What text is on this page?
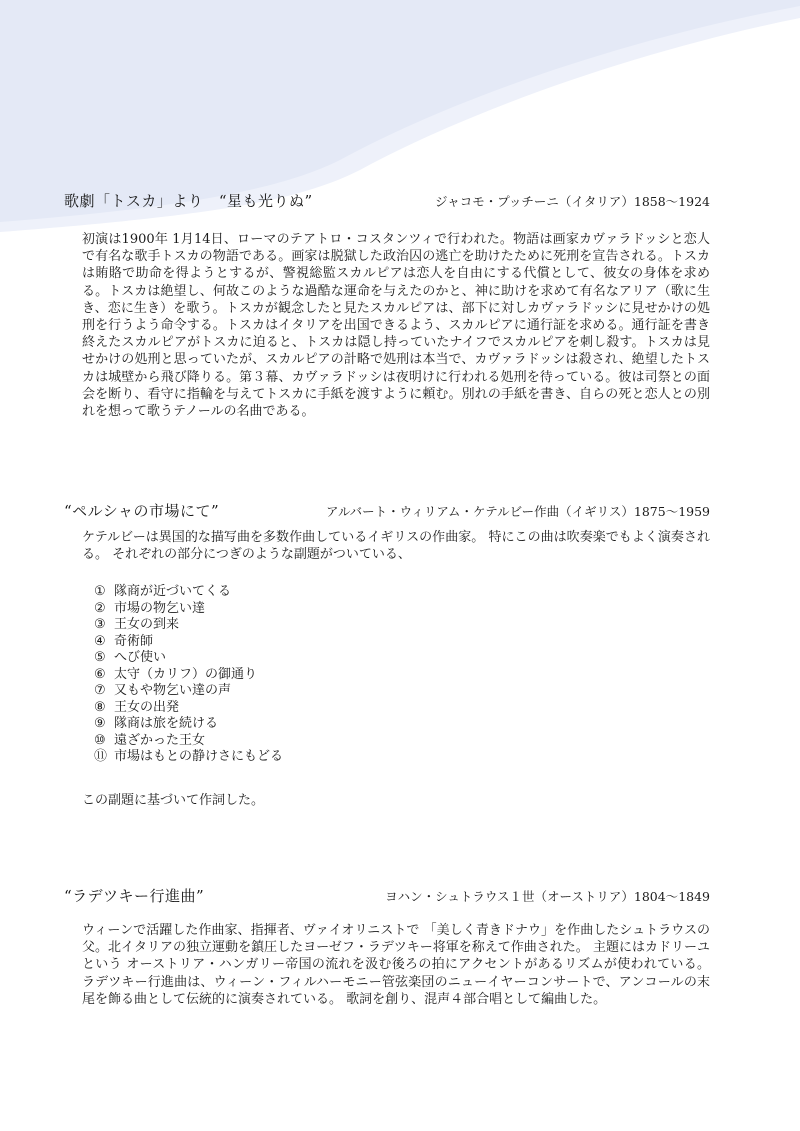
歌劇「トスカ」より　“星も光りぬ”	ジャコモ・プッチーニ（イタリア）1858～1924

初演は1900年 1月14日、ローマのテアトロ・コスタンツィで行われた。物語は画家カヴァラドッシと恋人で有名な歌手トスカの物語である。画家は脱獄した政治囚の逃亡を助けたために死刑を宣告される。トスカは賄賂で助命を得ようとするが、警視総監スカルピアは恋人を自由にする代償として、彼女の身体を求める。トスカは絶望し、何故このような過酷な運命を与えたのかと、神に助けを求めて有名なアリア（歌に生き、恋に生き）を歌う。トスカが観念したと見たスカルピアは、部下に対しカヴァラドッシに見せかけの処刑を行うよう命令する。トスカはイタリアを出国できるよう、スカルピアに通行証を求める。通行証を書き終えたスカルピアがトスカに迫ると、トスカは隠し持っていたナイフでスカルピアを刺し殺す。トスカは見せかけの処刑と思っていたが、スカルピアの計略で処刑は本当で、カヴァラドッシは殺され、絶望したトスカは城壁から飛び降りる。第３幕、カヴァラドッシは夜明けに行われる処刑を待っている。彼は司祭との面会を断り、看守に指輪を与えてトスカに手紙を渡すように頼む。別れの手紙を書き、自らの死と恋人との別れを想って歌うテノールの名曲である。

“ペルシャの市場にて”	アルバート・ウィリアム・ケテルビー作曲（イギリス）1875～1959

ケテルビーは異国的な描写曲を多数作曲しているイギリスの作曲家。 特にこの曲は吹奏楽でもよく演奏される。 それぞれの部分につぎのような副題がついている、

① 隊商が近づいてくる
② 市場の物乞い達
③ 王女の到来
④ 奇術師
⑤ へび使い
⑥ 太守（カリフ）の御通り
⑦ 又もや物乞い達の声
⑧ 王女の出発
⑨ 隊商は旅を続ける
⑩ 遠ざかった王女
⑪ 市場はもとの静けさにもどる

この副題に基づいて作詞した。

“ラデツキー行進曲”	ヨハン・シュトラウス１世（オーストリア）1804～1849

ウィーンで活躍した作曲家、指揮者、ヴァイオリニストで 「美しく青きドナウ」を作曲したシュトラウスの父。北イタリアの独立運動を鎮圧したヨーゼフ・ラデツキー将軍を称えて作曲された。 主題にはカドリーユという オーストリア・ハンガリー帝国の流れを汲む後ろの拍にアクセントがあるリズムが使われている。 ラデツキー行進曲は、ウィーン・フィルハーモニー管弦楽団のニューイヤーコンサートで、アンコールの末尾を飾る曲として伝統的に演奏されている。 歌詞を創り、混声４部合唱として編曲した。
